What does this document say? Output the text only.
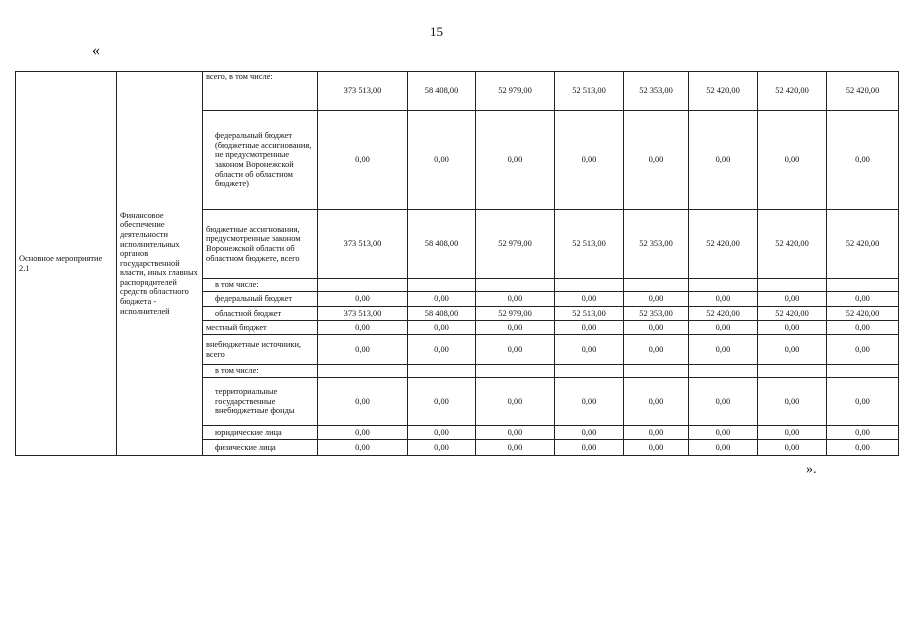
15
«
Основное мероприятие 2.1	Финансовое обеспечение деятельности исполнительных органов государственной власти, иных главных распорядителей средств областного бюджета - исполнителей	всего, в том числе:	373 513,00	58 408,00	52 979,00	52 513,00	52 353,00	52 420,00	52 420,00	52 420,00
		федеральный бюджет (бюджетные ассигнования, не предусмотренные законом Воронежской области об областном бюджете)	0,00	0,00	0,00	0,00	0,00	0,00	0,00	0,00
		бюджетные ассигнования, предусмотренные законом Воронежской области об областном бюджете, всего	373 513,00	58 408,00	52 979,00	52 513,00	52 353,00	52 420,00	52 420,00	52 420,00
		в том числе:								
		федеральный бюджет	0,00	0,00	0,00	0,00	0,00	0,00	0,00	0,00
		областной бюджет	373 513,00	58 408,00	52 979,00	52 513,00	52 353,00	52 420,00	52 420,00	52 420,00
		местный бюджет	0,00	0,00	0,00	0,00	0,00	0,00	0,00	0,00
		внебюджетные источники, всего	0,00	0,00	0,00	0,00	0,00	0,00	0,00	0,00
		в том числе:								
		территориальные государственные внебюджетные фонды	0,00	0,00	0,00	0,00	0,00	0,00	0,00	0,00
		юридические лица	0,00	0,00	0,00	0,00	0,00	0,00	0,00	0,00
		физические лица	0,00	0,00	0,00	0,00	0,00	0,00	0,00	0,00
».
